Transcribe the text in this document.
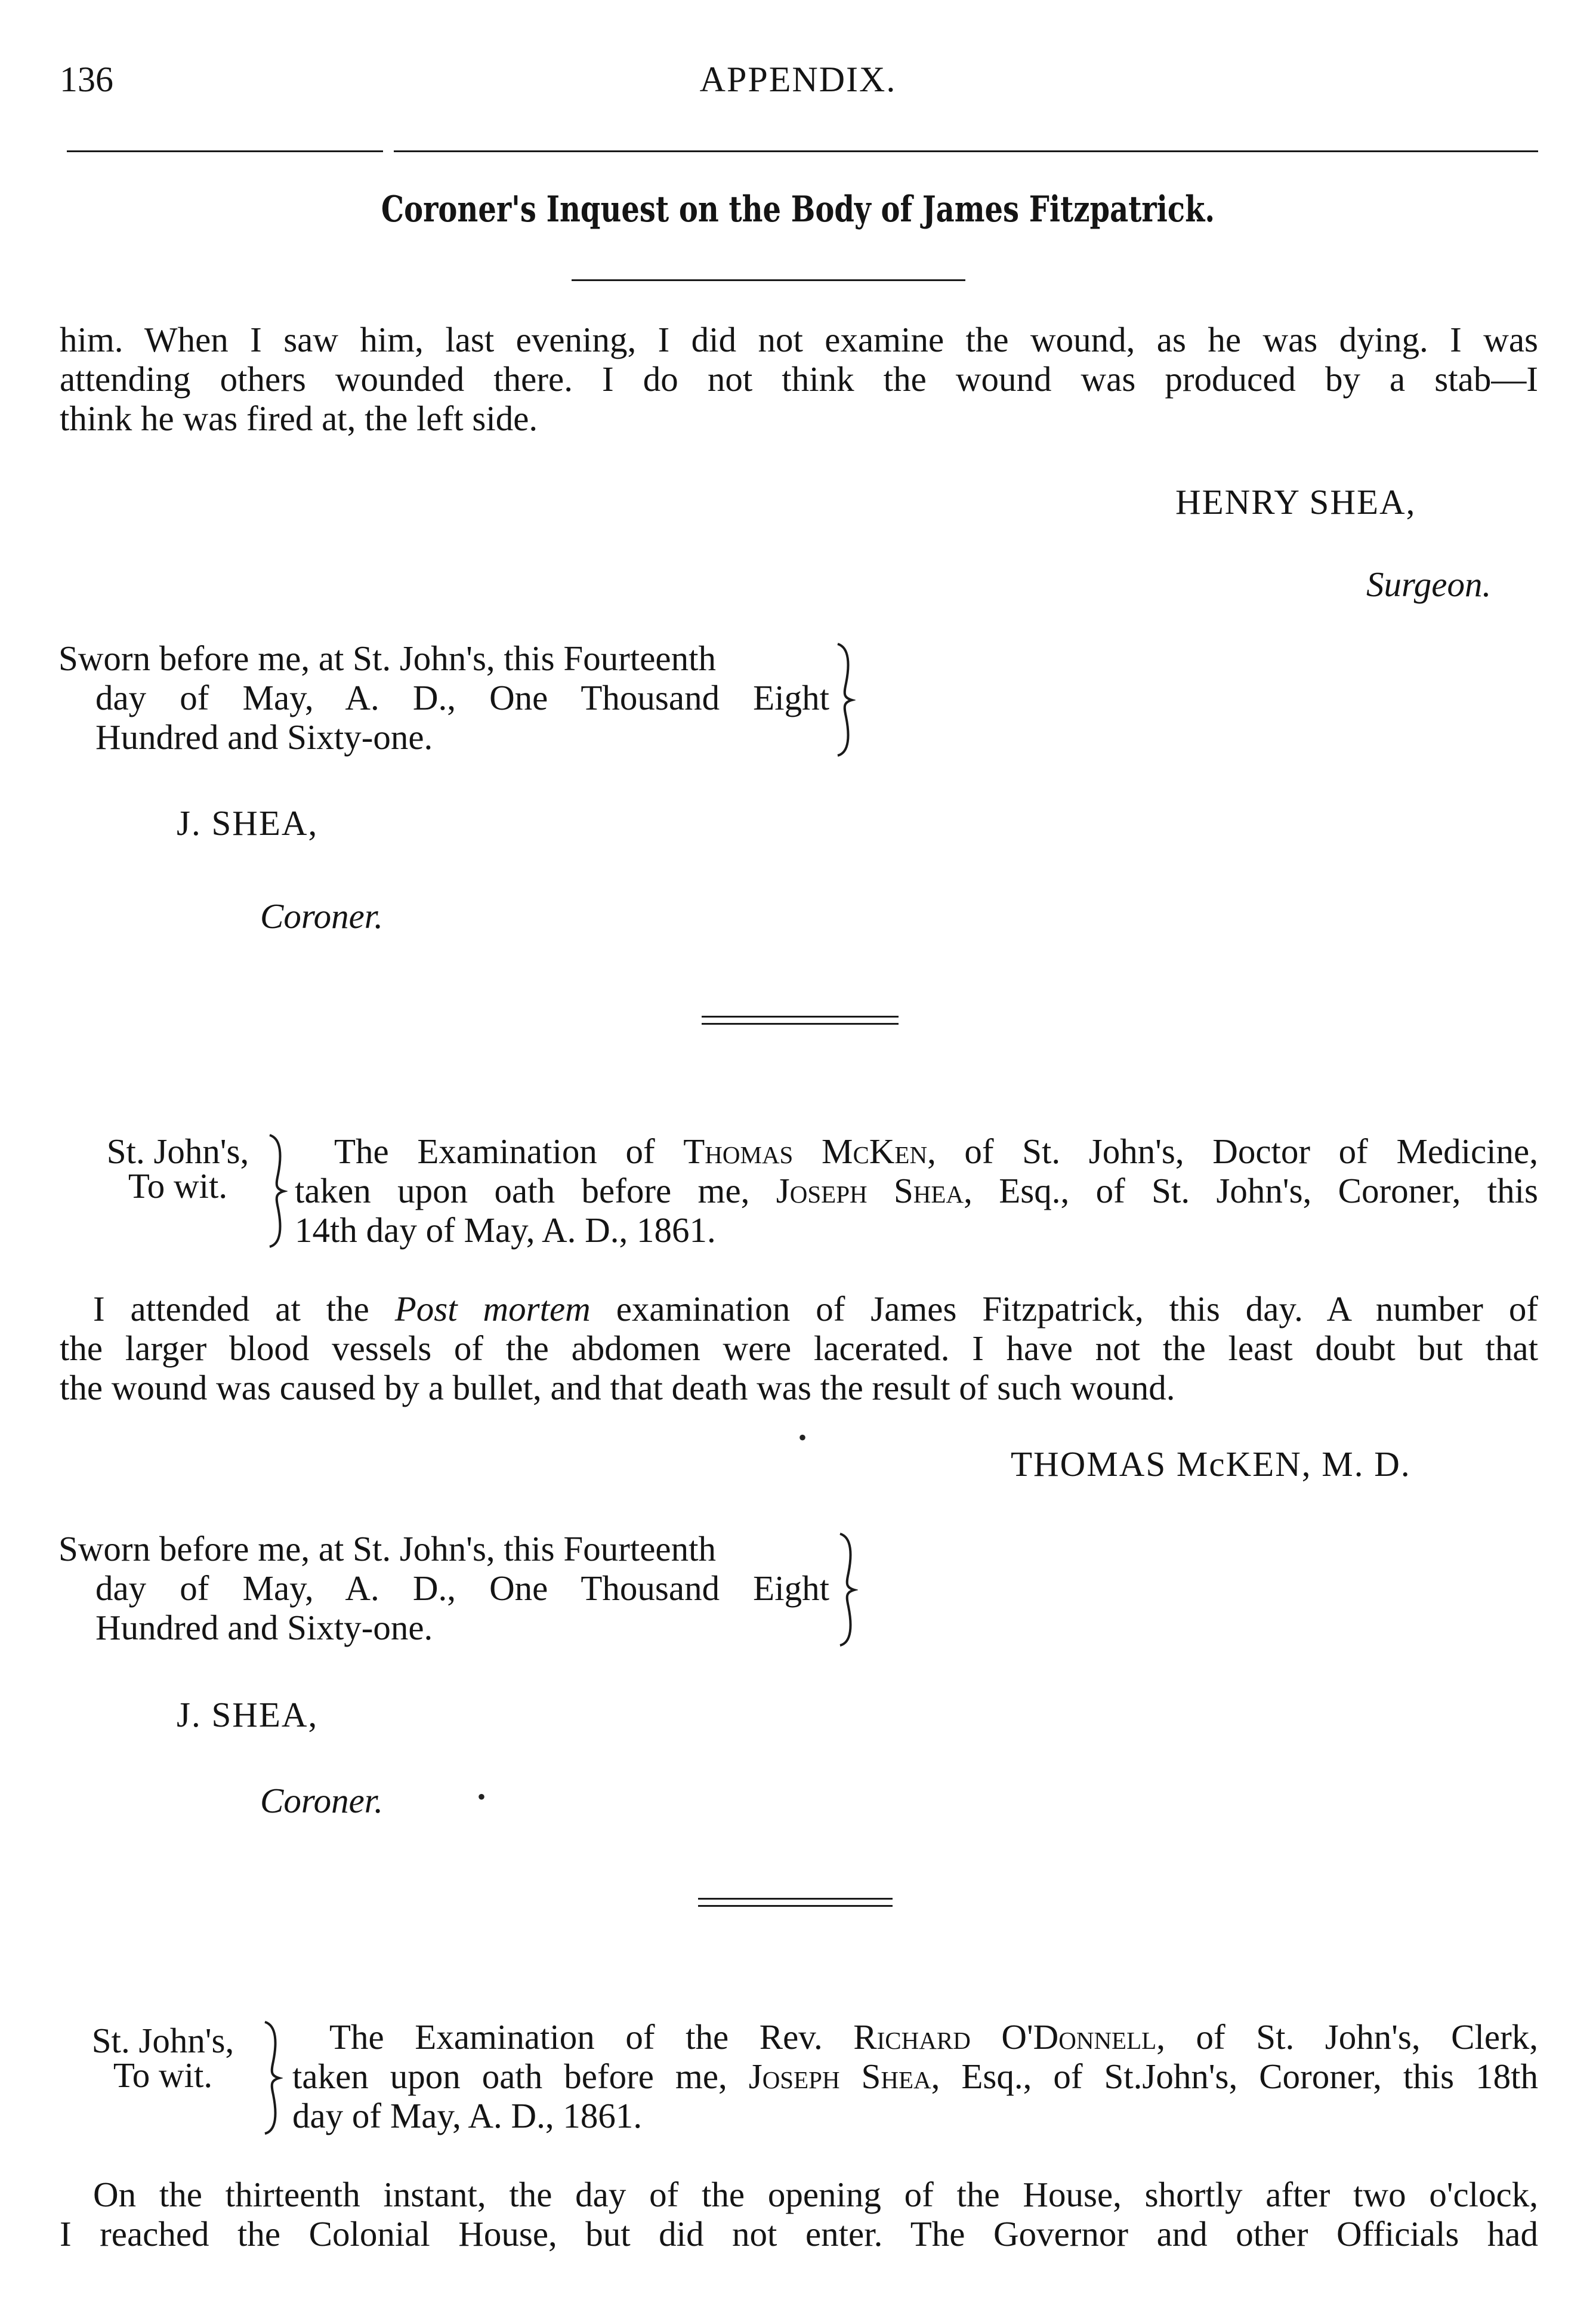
136	APPENDIX.
Coroner's Inquest on the Body of James Fitzpatrick.
him. When I saw him, last evening, I did not examine the wound, as he was dying. I was
attending others wounded there. I do not think the wound was produced by a stab—I
think he was fired at, the left side.
HENRY SHEA,
Surgeon.
Sworn before me, at St. John's, this Fourteenth
day of May, A. D., One Thousand Eight
Hundred and Sixty-one.
J. SHEA,
Coroner.
St. John's,
To wit.
The Examination of Thomas McKen, of St. John's, Doctor of Medicine,
taken upon oath before me, Joseph Shea, Esq., of St. John's, Coroner, this
14th day of May, A. D., 1861.
I attended at the Post mortem examination of James Fitzpatrick, this day. A number of
the larger blood vessels of the abdomen were lacerated. I have not the least doubt but that
the wound was caused by a bullet, and that death was the result of such wound.
•
THOMAS McKEN, M. D.
Sworn before me, at St. John's, this Fourteenth
day of May, A. D., One Thousand Eight
Hundred and Sixty-one.
J. SHEA,
Coroner.	•
St. John's,
To wit.
The Examination of the Rev. Richard O'Donnell, of St. John's, Clerk,
taken upon oath before me, Joseph Shea, Esq., of St.John's, Coroner, this 18th
day of May, A. D., 1861.
On the thirteenth instant, the day of the opening of the House, shortly after two o'clock,
I reached the Colonial House, but did not enter. The Governor and other Officials had
